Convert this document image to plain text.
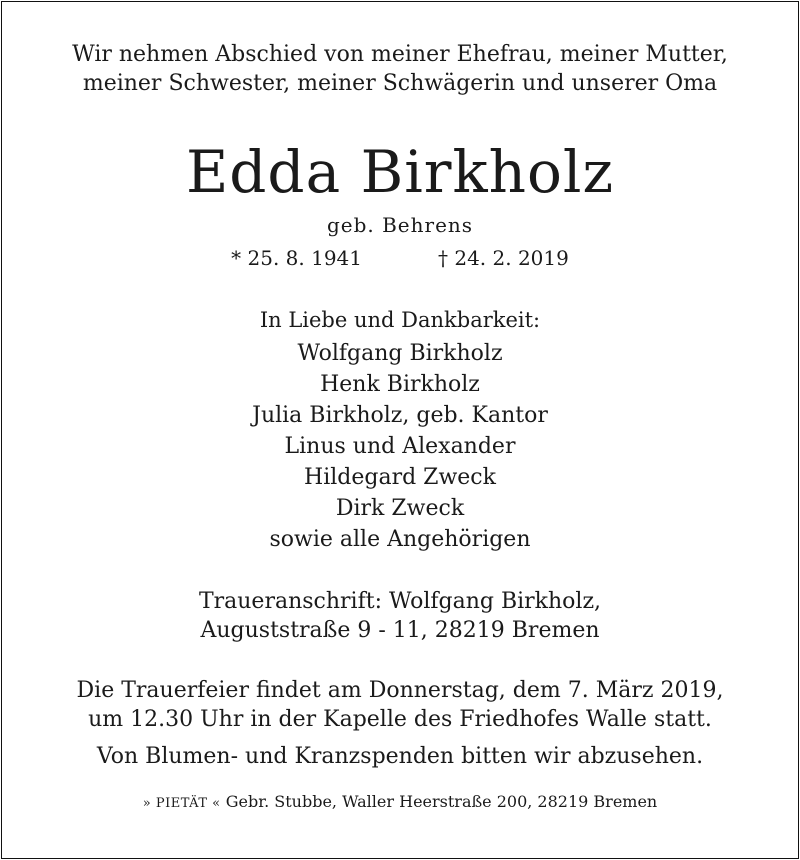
Wir nehmen Abschied von meiner Ehefrau, meiner Mutter,
meiner Schwester, meiner Schwägerin und unserer Oma
Edda Birkholz
geb. Behrens
* 25. 8. 1941	† 24. 2. 2019
In Liebe und Dankbarkeit:
Wolfgang Birkholz
Henk Birkholz
Julia Birkholz, geb. Kantor
Linus und Alexander
Hildegard Zweck
Dirk Zweck
sowie alle Angehörigen
Traueranschrift: Wolfgang Birkholz,
Auguststraße 9 - 11, 28219 Bremen
Die Trauerfeier findet am Donnerstag, dem 7. März 2019,
um 12.30 Uhr in der Kapelle des Friedhofes Walle statt.
Von Blumen- und Kranzspenden bitten wir abzusehen.
» PIETÄT « Gebr. Stubbe, Waller Heerstraße 200, 28219 Bremen
